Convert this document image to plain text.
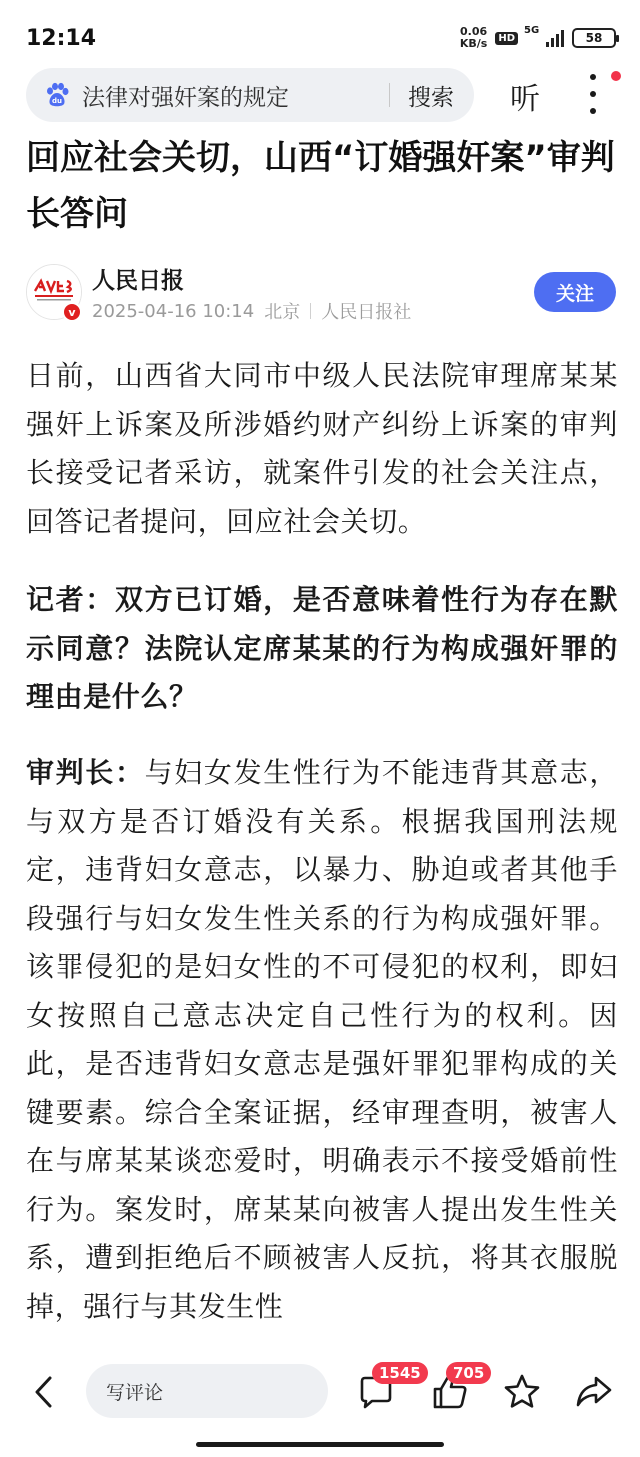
12:14	0.06
KB/s	HD
5G
58
du 法律对强奸案的规定	搜索 听
回应社会关切，山西“订婚强奸案”审判长答问
v
人民日报
2025-04-16 10:14 北京 人民日报社
关注

日前，山西省大同市中级人民法院审理席某某强奸上诉案及所涉婚约财产纠纷上诉案的审判长接受记者采访，就案件引发的社会关注点，回答记者提问，回应社会关切。

记者：双方已订婚，是否意味着性行为存在默示同意？法院认定席某某的行为构成强奸罪的理由是什么？

审判长：与妇女发生性行为不能违背其意志，与双方是否订婚没有关系。根据我国刑法规定，违背妇女意志，以暴力、胁迫或者其他手段强行与妇女发生性关系的行为构成强奸罪。该罪侵犯的是妇女性的不可侵犯的权利，即妇女按照自己意志决定自己性行为的权利。因此，是否违背妇女意志是强奸罪犯罪构成的关键要素。综合全案证据，经审理查明，被害人在与席某某谈恋爱时，明确表示不接受婚前性行为。案发时，席某某向被害人提出发生性关系，遭到拒绝后不顾被害人反抗，将其衣服脱掉，强行与其发生性

写评论
1545	705
